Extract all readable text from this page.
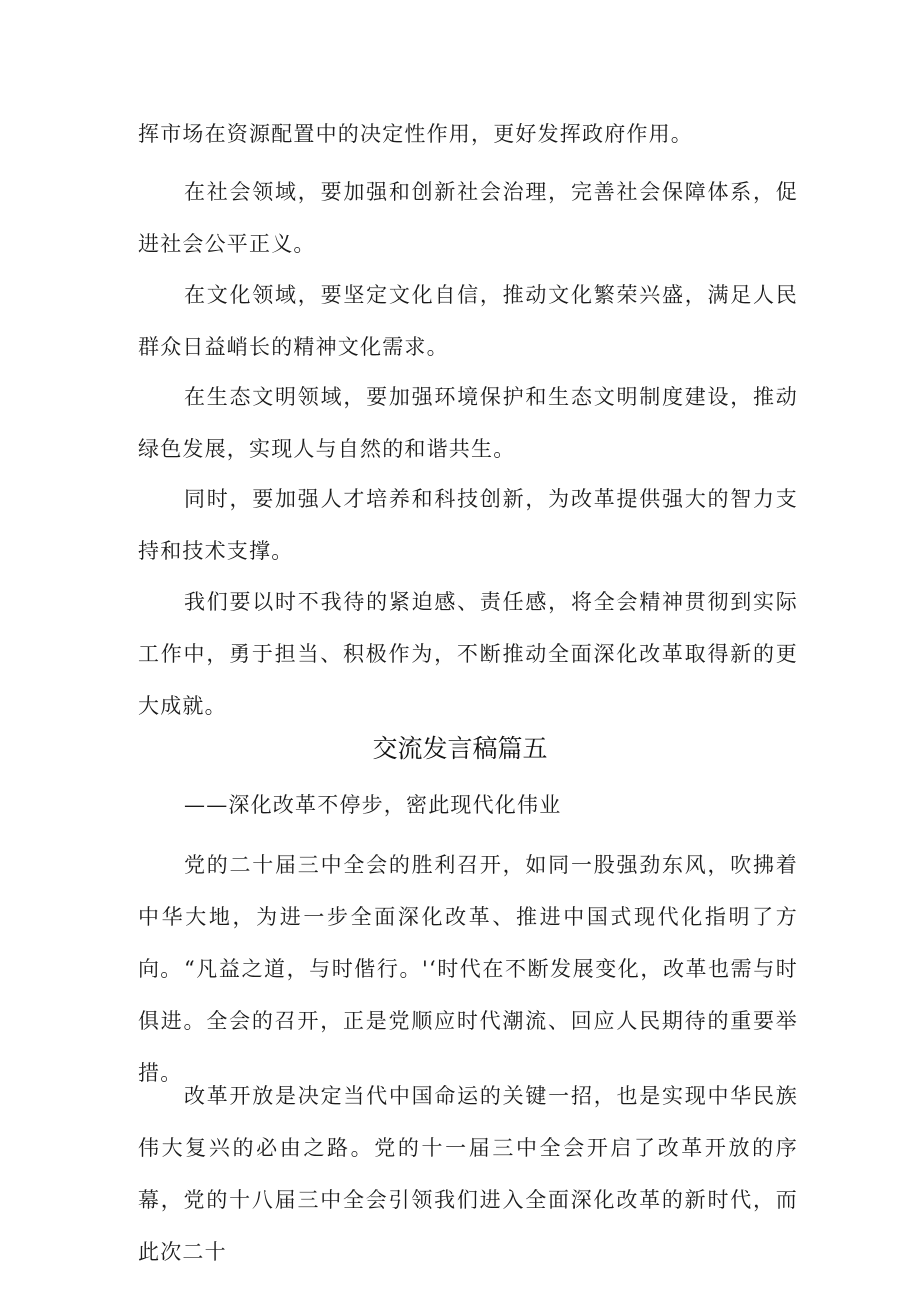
挥市场在资源配置中的决定性作用，更好发挥政府作用。

在社会领域，要加强和创新社会治理，完善社会保障体系，促进社会公平正义。

在文化领域，要坚定文化自信，推动文化繁荣兴盛，满足人民群众日益峭长的精神文化需求。

在生态文明领域，要加强环境保护和生态文明制度建设，推动绿色发展，实现人与自然的和谐共生。

同时，要加强人才培养和科技创新，为改革提供强大的智力支持和技术支撑。

我们要以时不我待的紧迫感、责任感，将全会精神贯彻到实际工作中，勇于担当、积极作为，不断推动全面深化改革取得新的更大成就。

交流发言稿篇五

——深化改革不停步，密此现代化伟业

党的二十届三中全会的胜利召开，如同一股强劲东风，吹拂着中华大地，为进一步全面深化改革、推进中国式现代化指明了方向。 “凡益之道，与时偕行。'‘时代在不断发展变化，改革也需与时俱进。全会的召开，正是党顺应时代潮流、回应人民期待的重要举措。

改革开放是决定当代中国命运的关键一招，也是实现中华民族伟大复兴的必由之路。党的十一届三中全会开启了改革开放的序幕，党的十八届三中全会引领我们进入全面深化改革的新时代，而此次二十
